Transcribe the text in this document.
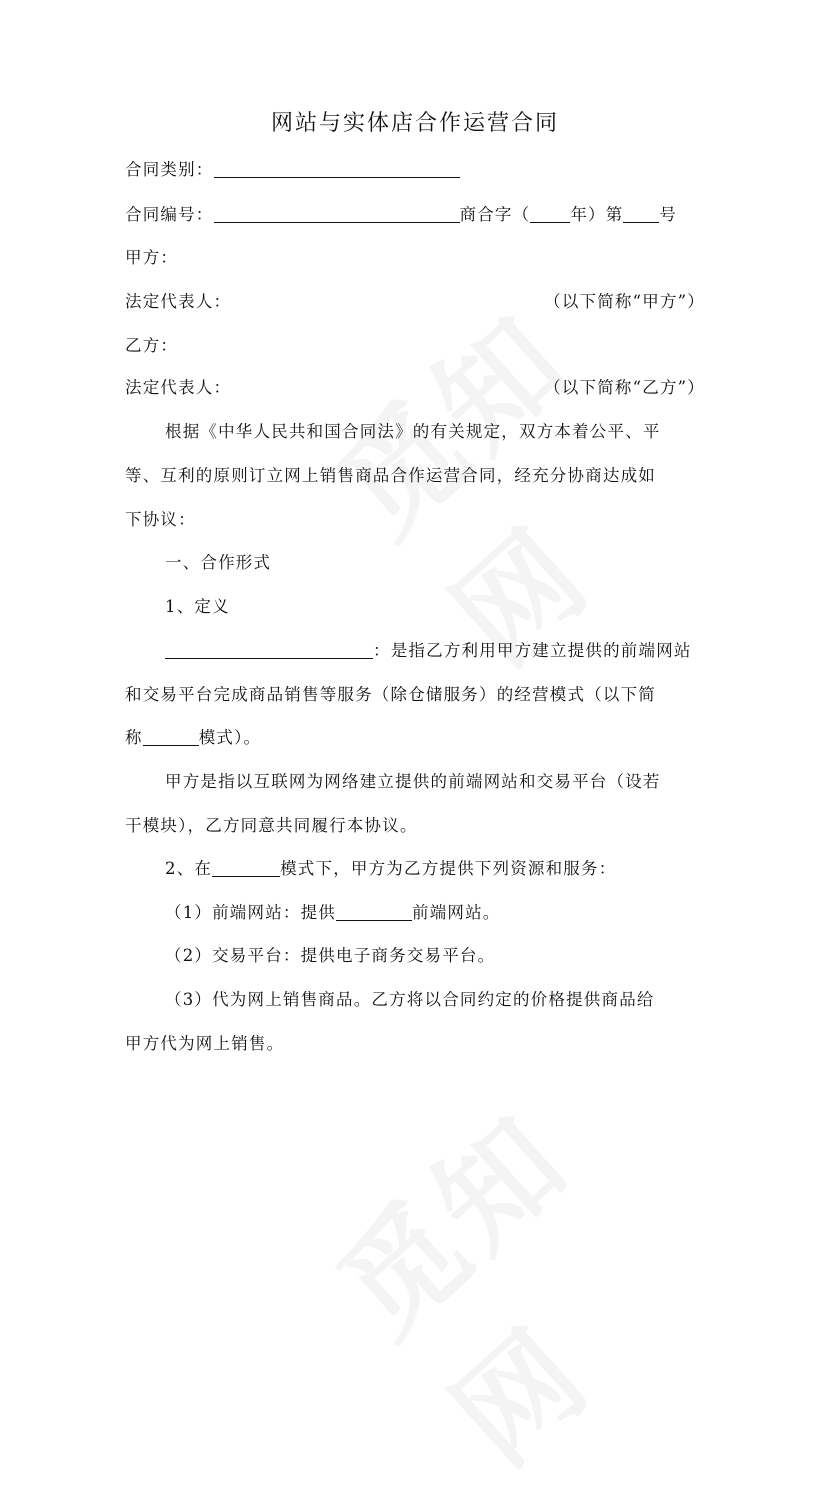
网站与实体店合作运营合同
合同类别：
合同编号：	商合字（ 年）第 号
甲方：
法定代表人：	（以下简称“甲方”）
乙方：
法定代表人：	（以下简称“乙方”）
根据《中华人民共和国合同法》的有关规定，双方本着公平、平
等、互利的原则订立网上销售商品合作运营合同，经充分协商达成如
下协议：
一、合作形式
1、定义
：是指乙方利用甲方建立提供的前端网站
和交易平台完成商品销售等服务（除仓储服务）的经营模式（以下简
称	模式）。
甲方是指以互联网为网络建立提供的前端网站和交易平台（设若
干模块），乙方同意共同履行本协议。
2、在	模式下，甲方为乙方提供下列资源和服务：
（1）前端网站：提供	前端网站。
（2）交易平台：提供电子商务交易平台。
（3）代为网上销售商品。乙方将以合同约定的价格提供商品给
甲方代为网上销售。
